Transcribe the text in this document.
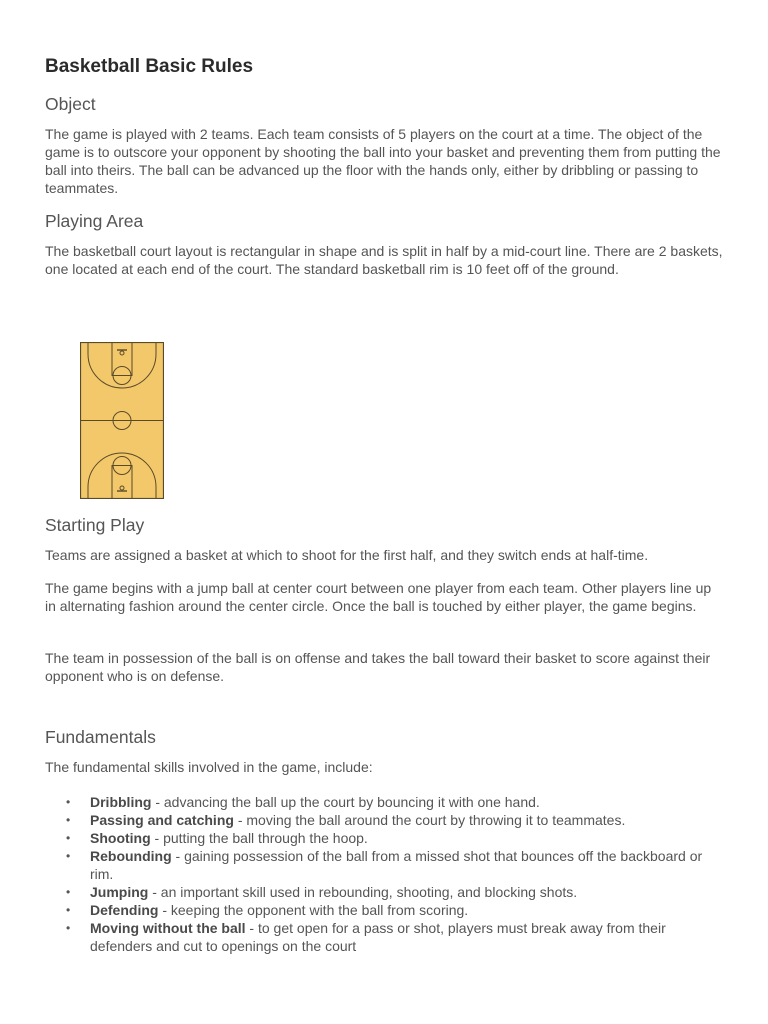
Basketball Basic Rules
Object

The game is played with 2 teams. Each team consists of 5 players on the court at a time. The object of the game is to outscore your opponent by shooting the ball into your basket and preventing them from putting the ball into theirs. The ball can be advanced up the floor with the hands only, either by dribbling or passing to teammates.

Playing Area

The basketball court layout is rectangular in shape and is split in half by a mid-court line. There are 2 baskets, one located at each end of the court. The standard basketball rim is 10 feet off of the ground.

Starting Play

Teams are assigned a basket at which to shoot for the first half, and they switch ends at half-time.

The game begins with a jump ball at center court between one player from each team. Other players line up in alternating fashion around the center circle. Once the ball is touched by either player, the game begins.

The team in possession of the ball is on offense and takes the ball toward their basket to score against their opponent who is on defense.

Fundamentals

The fundamental skills involved in the game, include:

• Dribbling - advancing the ball up the court by bouncing it with one hand.
• Passing and catching - moving the ball around the court by throwing it to teammates.
• Shooting - putting the ball through the hoop.
• Rebounding - gaining possession of the ball from a missed shot that bounces off the backboard or rim.
• Jumping - an important skill used in rebounding, shooting, and blocking shots.
• Defending - keeping the opponent with the ball from scoring.
• Moving without the ball - to get open for a pass or shot, players must break away from their defenders and cut to openings on the court
